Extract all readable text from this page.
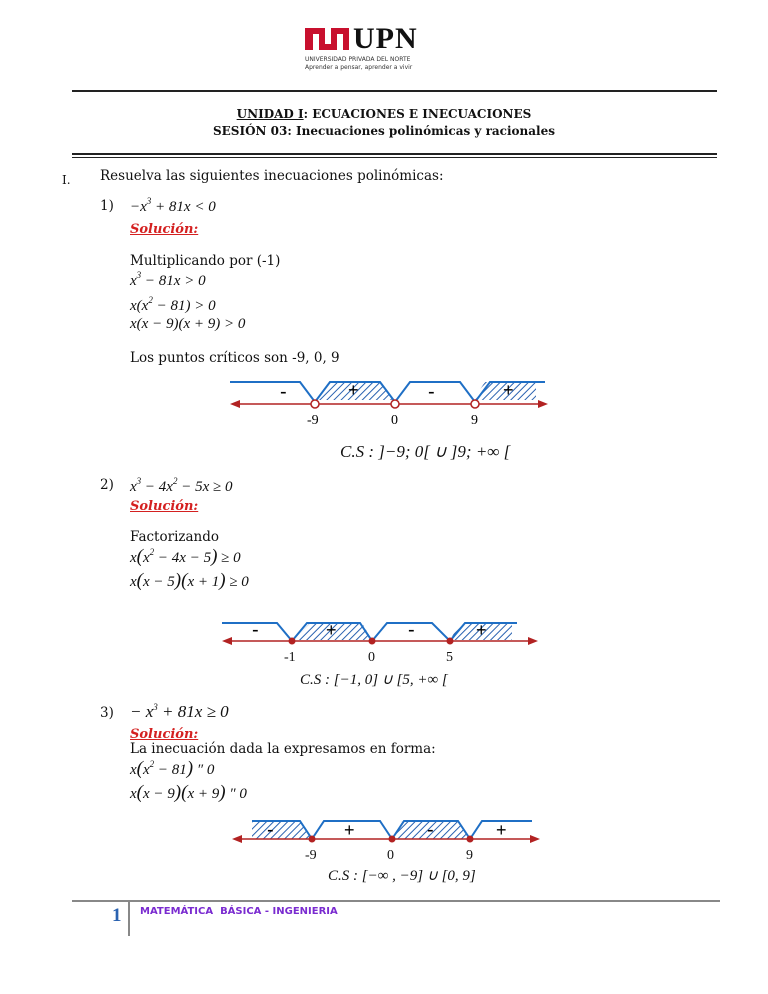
UPN
UNIVERSIDAD PRIVADA DEL NORTE
Aprender a pensar, aprender a vivir
UNIDAD I: ECUACIONES E INECUACIONES
SESIÓN 03: Inecuaciones polinómicas y racionales
I. Resuelva las siguientes inecuaciones polinómicas:
$1) -x^3 + 81x < 0$
Solución:
Multiplicando por (-1)
$x^3 - 81x > 0$
$x(x^2 - 81) > 0$
x(x − 9)(x + 9) > 0
Los puntos críticos son -9, 0, 9
-	+	-	+
-9	0	9
C.S : ]−9; 0[ ∪ ]9; +∞ [
2) $x^3 - 4x^2 - 5x \ge 0$
Solución:
Factorizando
$x(x^2 - 4x - 5) \ge 0$
x(x − 5)(x + 1) ≥ 0
-	+	-	+
-1	0	5
C.S : [−1, 0] ∪ [5, +∞ [
$3) - x^3 + 81x \ge 0$
Solución:
La inecuación dada la expresamos en forma:
$x(x^2 - 81)$ ″ 0
x(x − 9)(x + 9) ″ 0
-	+	-	+
-9	0	9
C.S : [−∞ , −9] ∪ [0, 9]
1 MATEMÁTICA  BÁSICA - INGENIERIA
